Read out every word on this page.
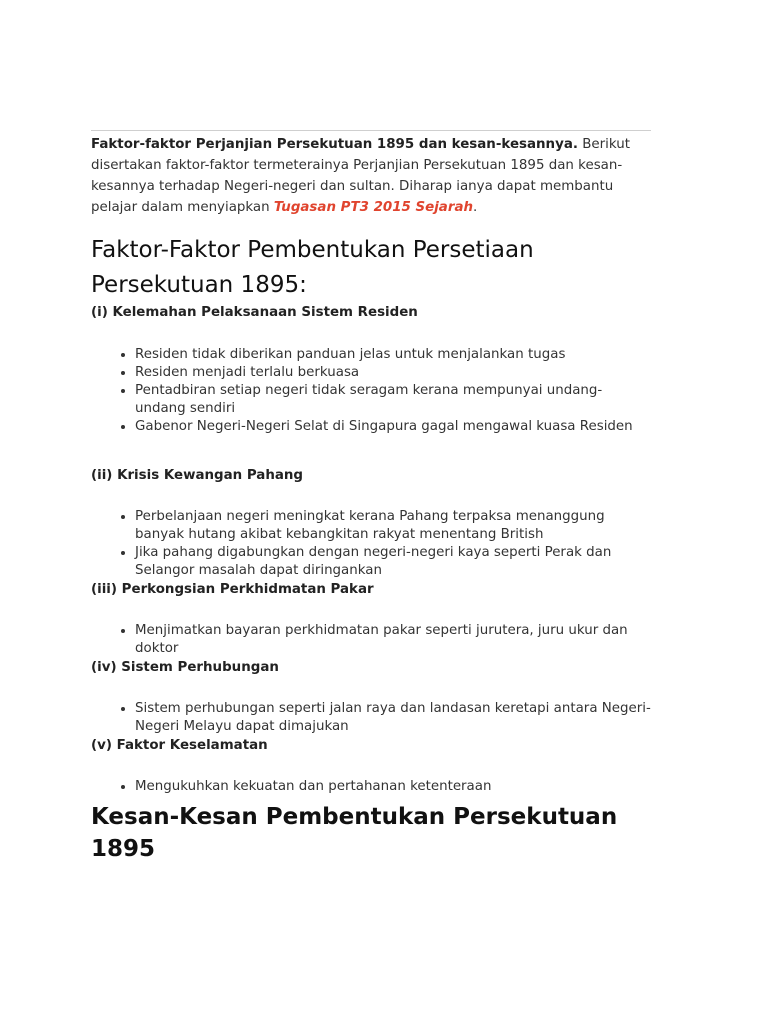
Faktor-faktor Perjanjian Persekutuan 1895 dan kesan-kesannya. Berikut disertakan faktor-faktor termeterainya Perjanjian Persekutuan 1895 dan kesan-kesannya terhadap Negeri-negeri dan sultan. Diharap ianya dapat membantu pelajar dalam menyiapkan Tugasan PT3 2015 Sejarah.

Faktor-Faktor Pembentukan Persetiaan Persekutuan 1895:

(i) Kelemahan Pelaksanaan Sistem Residen

• Residen tidak diberikan panduan jelas untuk menjalankan tugas
• Residen menjadi terlalu berkuasa
• Pentadbiran setiap negeri tidak seragam kerana mempunyai undang-undang sendiri
• Gabenor Negeri-Negeri Selat di Singapura gagal mengawal kuasa Residen

(ii) Krisis Kewangan Pahang

• Perbelanjaan negeri meningkat kerana Pahang terpaksa menanggung banyak hutang akibat kebangkitan rakyat menentang British
• Jika pahang digabungkan dengan negeri-negeri kaya seperti Perak dan Selangor masalah dapat diringankan

(iii) Perkongsian Perkhidmatan Pakar

• Menjimatkan bayaran perkhidmatan pakar seperti jurutera, juru ukur dan doktor

(iv) Sistem Perhubungan

• Sistem perhubungan seperti jalan raya dan landasan keretapi antara Negeri-Negeri Melayu dapat dimajukan

(v) Faktor Keselamatan

• Mengukuhkan kekuatan dan pertahanan ketenteraan
Kesan-Kesan Pembentukan Persekutuan 1895
